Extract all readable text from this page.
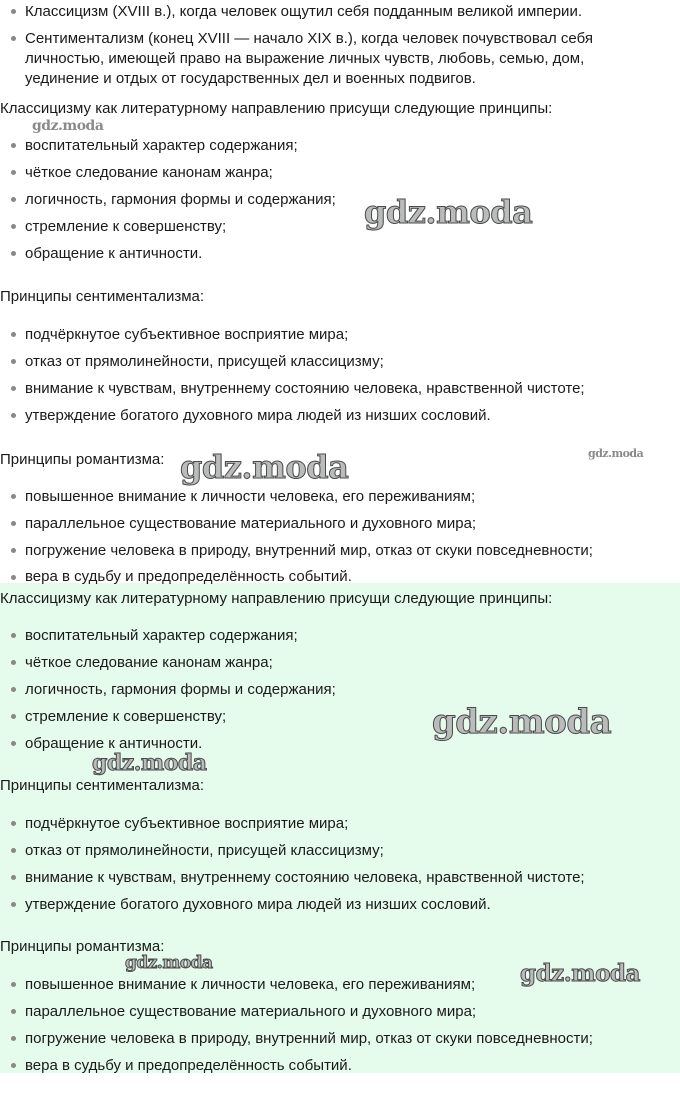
Классицизм (XVIII в.), когда человек ощутил себя подданным великой империи.
Сентиментализм (конец XVIII — начало XIX в.), когда человек почувствовал себя
личностью, имеющей право на выражение личных чувств, любовь, семью, дом,
уединение и отдых от государственных дел и военных подвигов.
Классицизму как литературному направлению присущи следующие принципы:
воспитательный характер содержания;
чёткое следование канонам жанра;
логичность, гармония формы и содержания;
стремление к совершенству;
обращение к античности.
Принципы сентиментализма:
подчёркнутое субъективное восприятие мира;
отказ от прямолинейности, присущей классицизму;
внимание к чувствам, внутреннему состоянию человека, нравственной чистоте;
утверждение богатого духовного мира людей из низших сословий.
Принципы романтизма:
повышенное внимание к личности человека, его переживаниям;
параллельное существование материального и духовного мира;
погружение человека в природу, внутренний мир, отказ от скуки повседневности;
вера в судьбу и предопределённость событий.
Классицизму как литературному направлению присущи следующие принципы:
воспитательный характер содержания;
чёткое следование канонам жанра;
логичность, гармония формы и содержания;
стремление к совершенству;
обращение к античности.
Принципы сентиментализма:
подчёркнутое субъективное восприятие мира;
отказ от прямолинейности, присущей классицизму;
внимание к чувствам, внутреннему состоянию человека, нравственной чистоте;
утверждение богатого духовного мира людей из низших сословий.
Принципы романтизма:
повышенное внимание к личности человека, его переживаниям;
параллельное существование материального и духовного мира;
погружение человека в природу, внутренний мир, отказ от скуки повседневности;
вера в судьбу и предопределённость событий.
gdz.moda
gdz.moda
gdz.moda	gdz.moda
gdz.moda
gdz.moda
gdz.moda	gdz.moda
